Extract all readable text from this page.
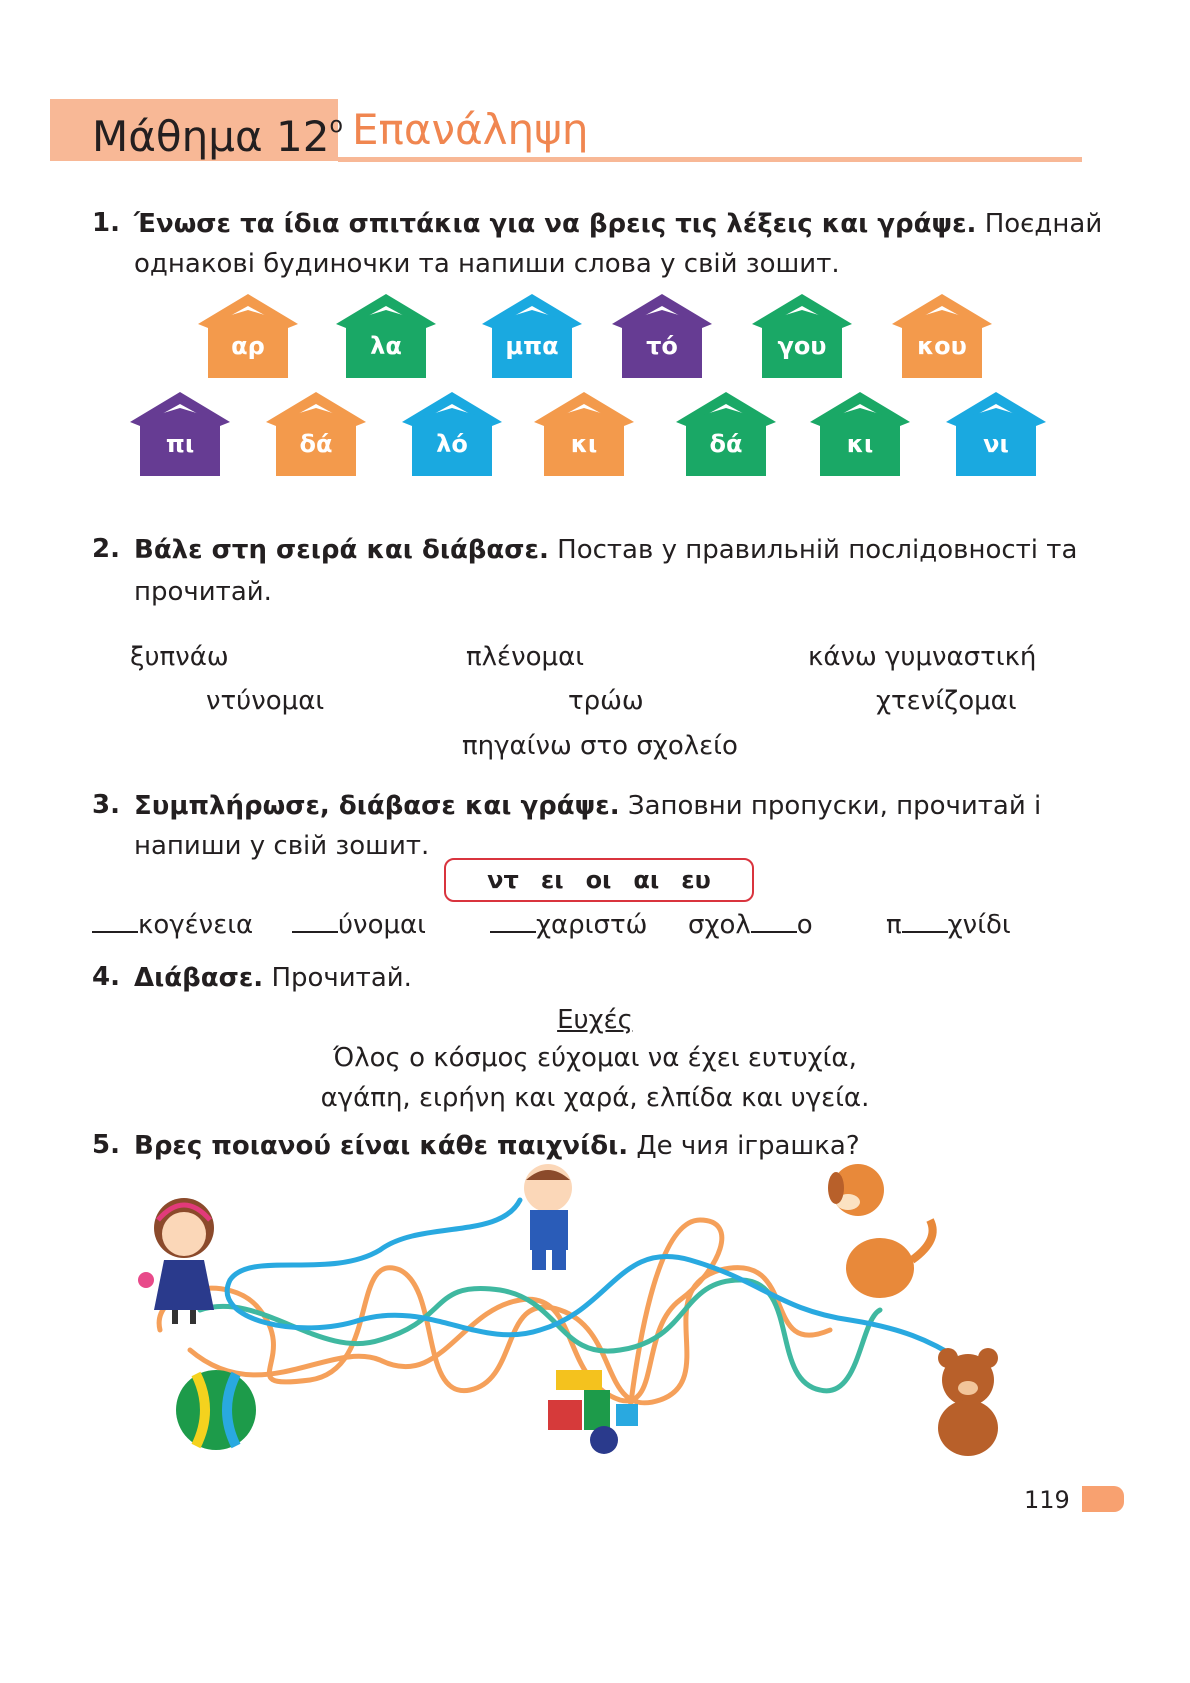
Μάθημα $12^o$ Επανάληψη
1. Ένωσε τα ίδια σπιτάκια για να βρεις τις λέξεις και γράψε. Поєднай
однакові будиночки та напиши слова у свій зошит.
αρ	λα	μπα	τό	γου	κου
πι	δά	λό	κι	δά	κι	νι
2. Βάλε στη σειρά και διάβασε. Постав у правильній послідовності та
прочитай.
ξυπνάω	πλένομαι	κάνω γυμναστική
ντύνομαι	τρώω	χτενίζομαι
πηγαίνω στο σχολείο
3. Συμπλήρωσε, διάβασε και γράψε. Заповни пропуски, прочитай і
напиши у свій зошит.
ντ ει οι αι ευ
κογένεια	ύνομαι	χαριστώ σχολ ο	π χνίδι
4. Διάβασε. Прочитай.
Ευχές
Όλος ο κόσμος εύχομαι να έχει ευτυχία,
αγάπη, ειρήνη και χαρά, ελπίδα και υγεία.
5. Βρες ποιανού είναι κάθε παιχνίδι. Де чия іграшка?
119
